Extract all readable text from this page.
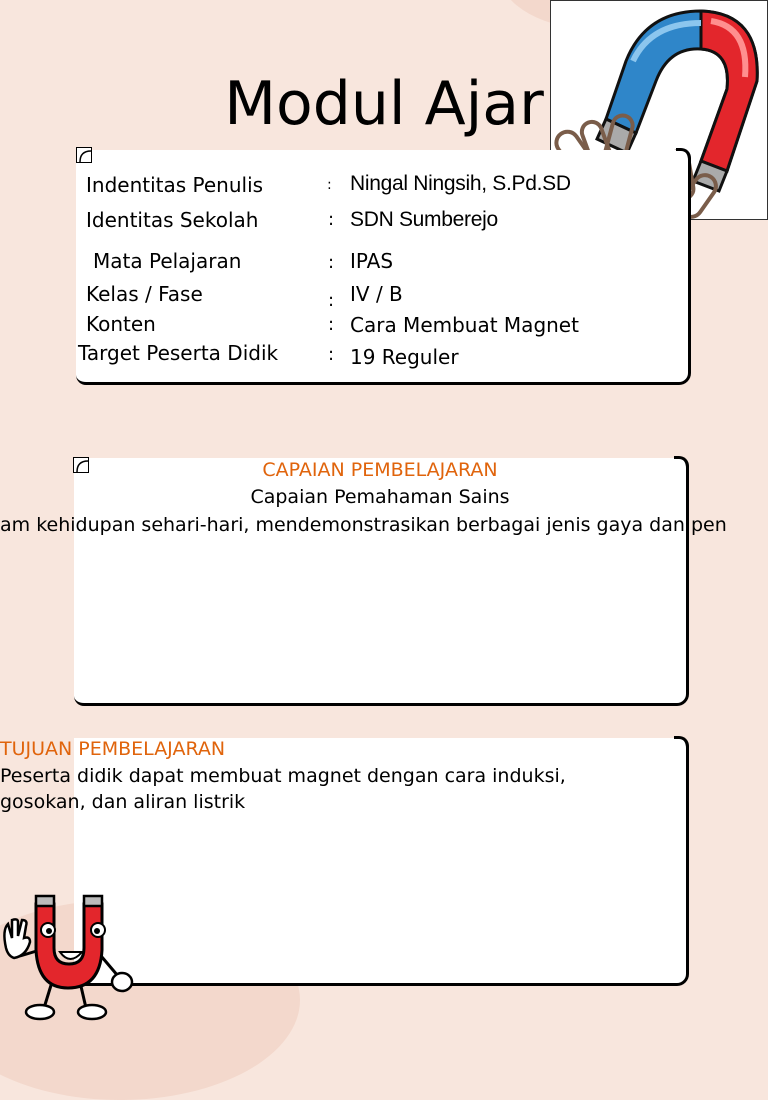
Modul Ajar
Indentitas Penulis	: Ningal Ningsih, S.Pd.SD
Identitas Sekolah	: SDN Sumberejo
Mata Pelajaran	: IPAS
Kelas / Fase	: IV / B
Konten	: Cara Membuat Magnet
Target Peserta Didik	: 19 Reguler
CAPAIAN PEMBELAJARAN
Capaian Pemahaman Sains
am kehidupan sehari-hari, mendemonstrasikan berbagai jenis gaya dan pen
TUJUAN PEMBELAJARAN
Peserta didik dapat membuat magnet dengan cara induksi,
gosokan, dan aliran listrik
